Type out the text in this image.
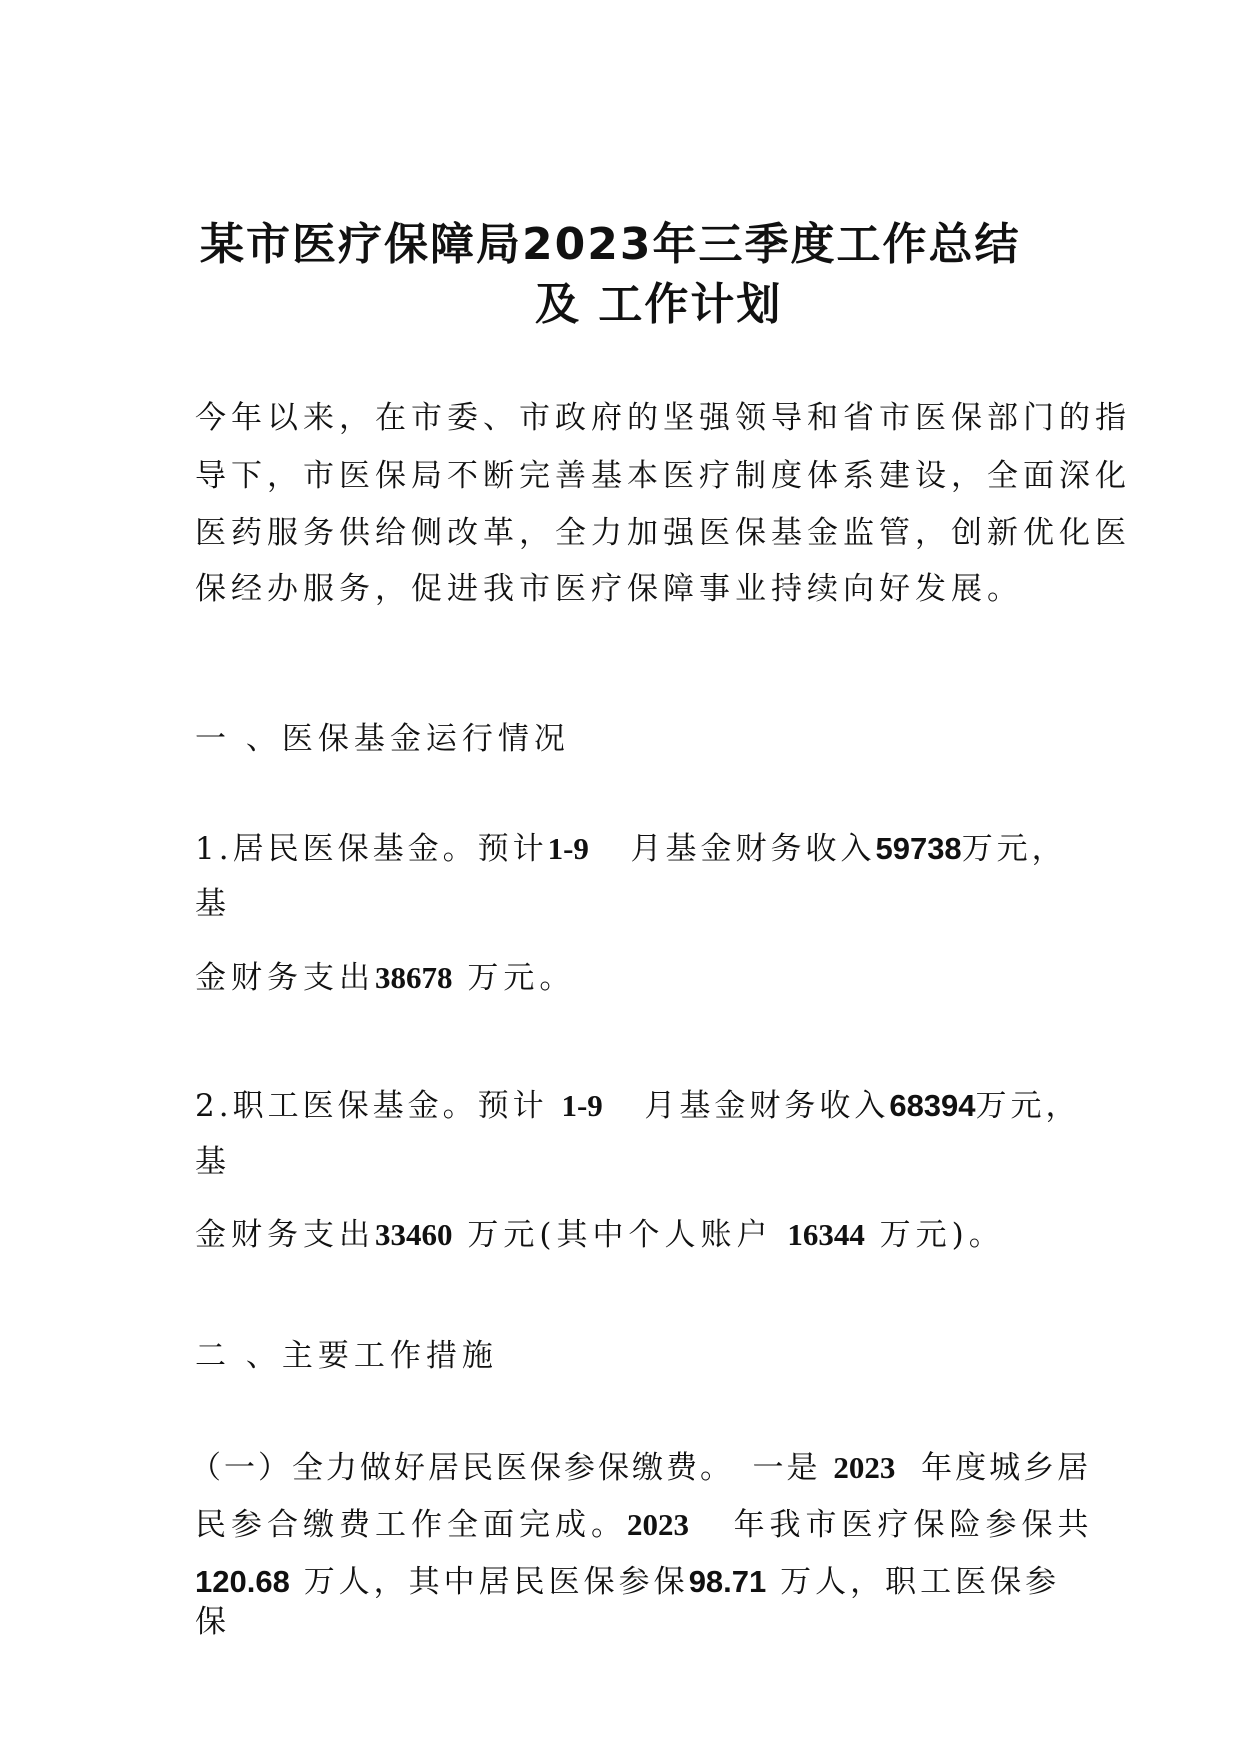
某市医疗保障局2023年三季度工作总结
及 工作计划
今年以来，在市委、市政府的坚强领导和省市医保部门的指
导下，市医保局不断完善基本医疗制度体系建设，全面深化
医药服务供给侧改革，全力加强医保基金监管，创新优化医
保经办服务，促进我市医疗保障事业持续向好发展。
一 、医保基金运行情况
1.居民医保基金。预计1-9 月基金财务收入59738万元，
基
金财务支出38678 万元。
2.职工医保基金。预计 1-9 月基金财务收入68394万元，
基
金财务支出33460 万元(其中个人账户 16344 万元)。
二 、主要工作措施
（一）全力做好居民医保参保缴费。　一是 2023 年度城乡居
民参合缴费工作全面完成。2023 年我市医疗保险参保共
120.68 万人，其中居民医保参保98.71 万人，职工医保参
保
